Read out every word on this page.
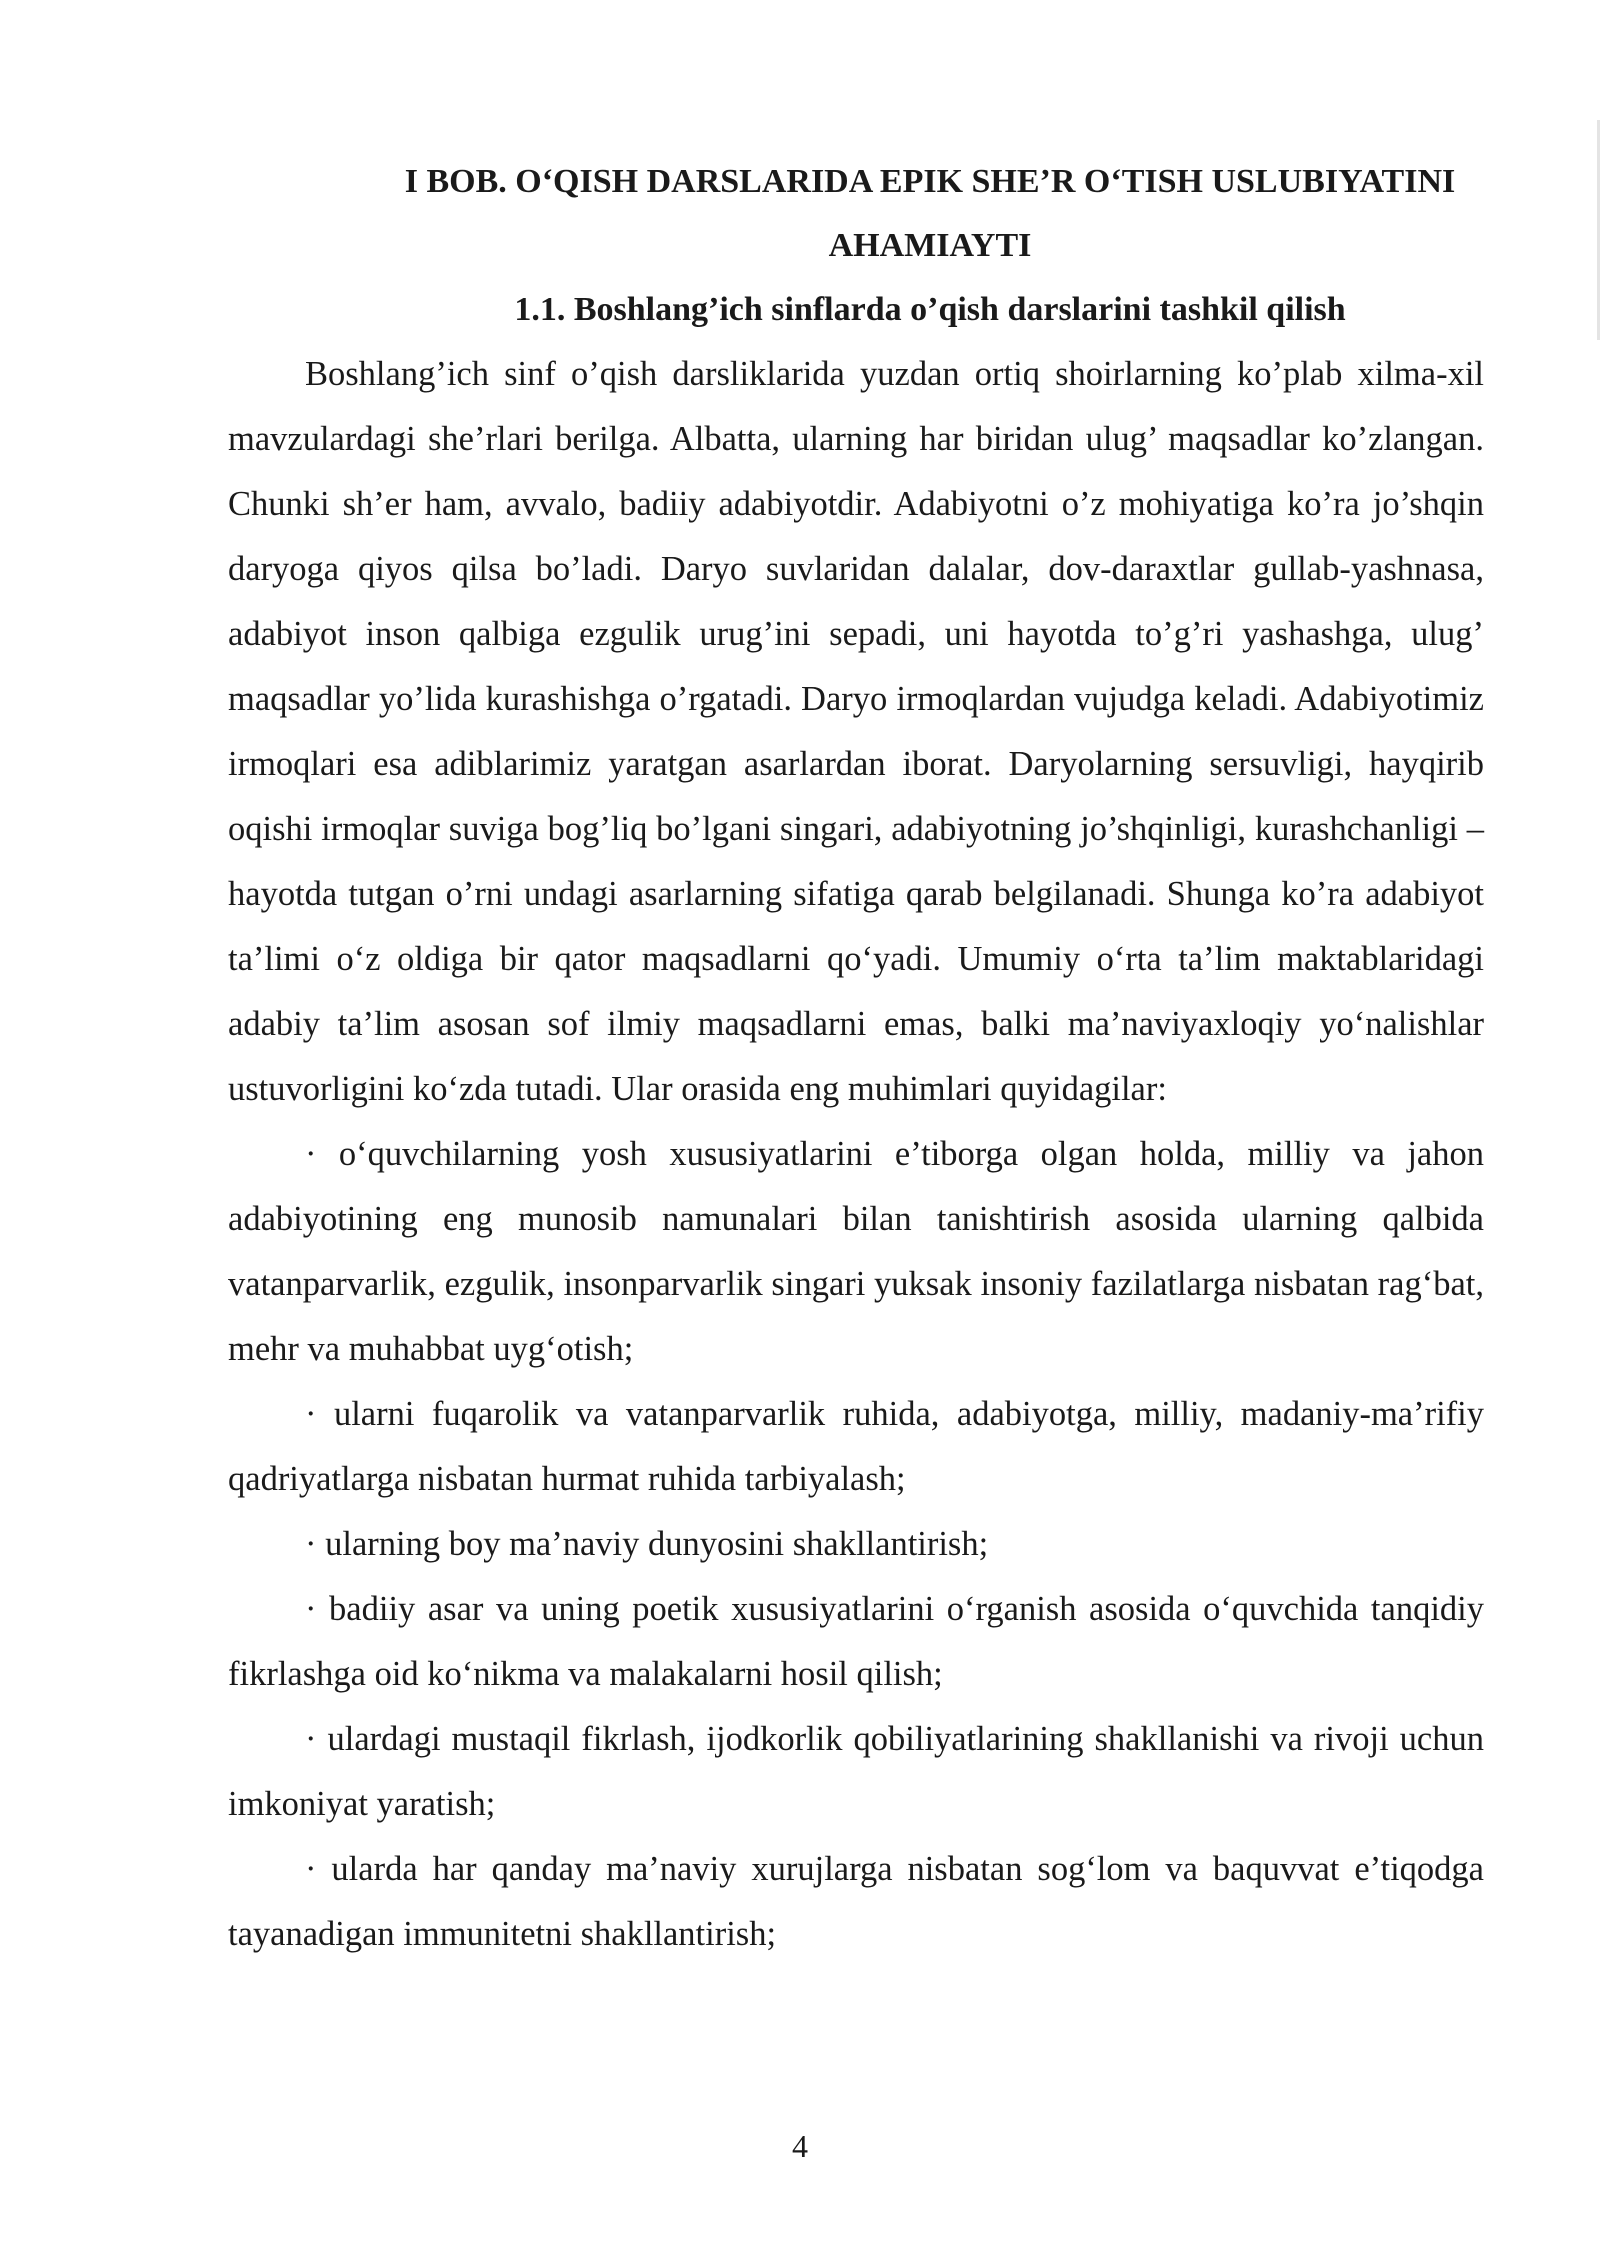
I BOB. O‘QISH DARSLARIDA EPIK SHE’R O‘TISH USLUBIYATINI AHAMIAYTI
1.1. Boshlang’ich sinflarda o’qish darslarini tashkil qilish

Boshlang’ich sinf o’qish darsliklarida yuzdan ortiq shoirlarning ko’plab xilma-xil mavzulardagi she’rlari berilga. Albatta, ularning har biridan ulug’ maqsadlar ko’zlangan. Chunki sh’er ham, avvalo, badiiy adabiyotdir. Adabiyotni o’z mohiyatiga ko’ra jo’shqin daryoga qiyos qilsa bo’ladi. Daryo suvlaridan dalalar, dov-daraxtlar gullab-yashnasa, adabiyot inson qalbiga ezgulik urug’ini sepadi, uni hayotda to’g’ri yashashga, ulug’ maqsadlar yo’lida kurashishga o’rgatadi. Daryo irmoqlardan vujudga keladi. Adabiyotimiz irmoqlari esa adiblarimiz yaratgan asarlardan iborat. Daryolarning sersuvligi, hayqirib oqishi irmoqlar suviga bog’liq bo’lgani singari, adabiyotning jo’shqinligi, kurashchanligi – hayotda tutgan o’rni undagi asarlarning sifatiga qarab belgilanadi. Shunga ko’ra adabiyot ta’limi o‘z oldiga bir qator maqsadlarni qo‘yadi. Umumiy o‘rta ta’lim maktablaridagi adabiy ta’lim asosan sof ilmiy maqsadlarni emas, balki ma’naviyaxloqiy yo‘nalishlar ustuvorligini ko‘zda tutadi. Ular orasida eng muhimlari quyidagilar:

· o‘quvchilarning yosh xususiyatlarini e’tiborga olgan holda, milliy va jahon adabiyotining eng munosib namunalari bilan tanishtirish asosida ularning qalbida vatanparvarlik, ezgulik, insonparvarlik singari yuksak insoniy fazilatlarga nisbatan rag‘bat, mehr va muhabbat uyg‘otish;

· ularni fuqarolik va vatanparvarlik ruhida, adabiyotga, milliy, madaniy-ma’rifiy qadriyatlarga nisbatan hurmat ruhida tarbiyalash;

· ularning boy ma’naviy dunyosini shakllantirish;

· badiiy asar va uning poetik xususiyatlarini o‘rganish asosida o‘quvchida tanqidiy fikrlashga oid ko‘nikma va malakalarni hosil qilish;

· ulardagi mustaqil fikrlash, ijodkorlik qobiliyatlarining shakllanishi va rivoji uchun imkoniyat yaratish;

· ularda har qanday ma’naviy xurujlarga nisbatan sog‘lom va baquvvat e’tiqodga tayanadigan immunitetni shakllantirish;

4
